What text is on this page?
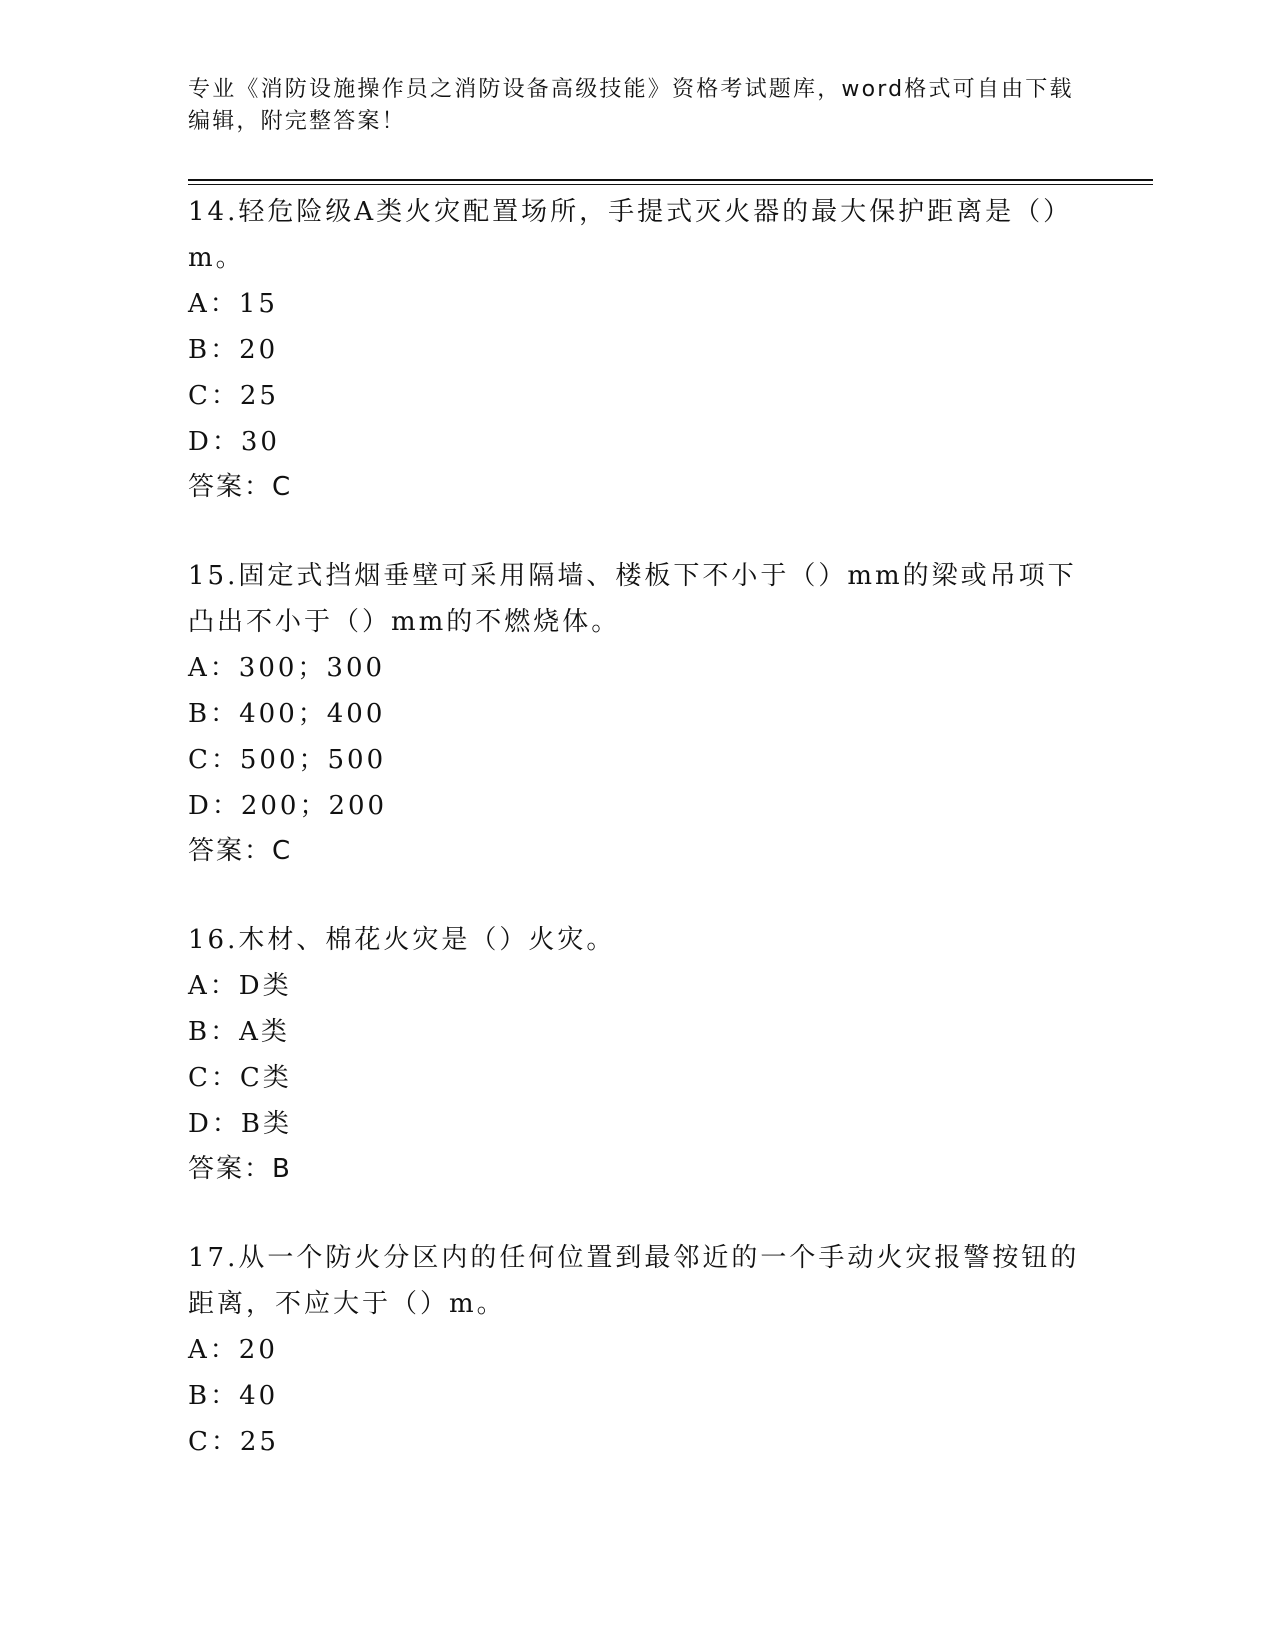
专业《消防设施操作员之消防设备高级技能》资格考试题库，word格式可自由下载编辑，附完整答案！

14.轻危险级A类火灾配置场所，手提式灭火器的最大保护距离是（）m。

A：15

B：20

C：25

D：30

答案：C

15.固定式挡烟垂壁可采用隔墙、楼板下不小于（）mm的梁或吊项下凸出不小于（）mm的不燃烧体。

A：300；300

B：400；400

C：500；500

D：200；200

答案：C

16.木材、棉花火灾是（）火灾。

A：D类

B：A类

C：C类

D：B类

答案：B

17.从一个防火分区内的任何位置到最邻近的一个手动火灾报警按钮的距离，不应大于（）m。

A：20

B：40

C：25
